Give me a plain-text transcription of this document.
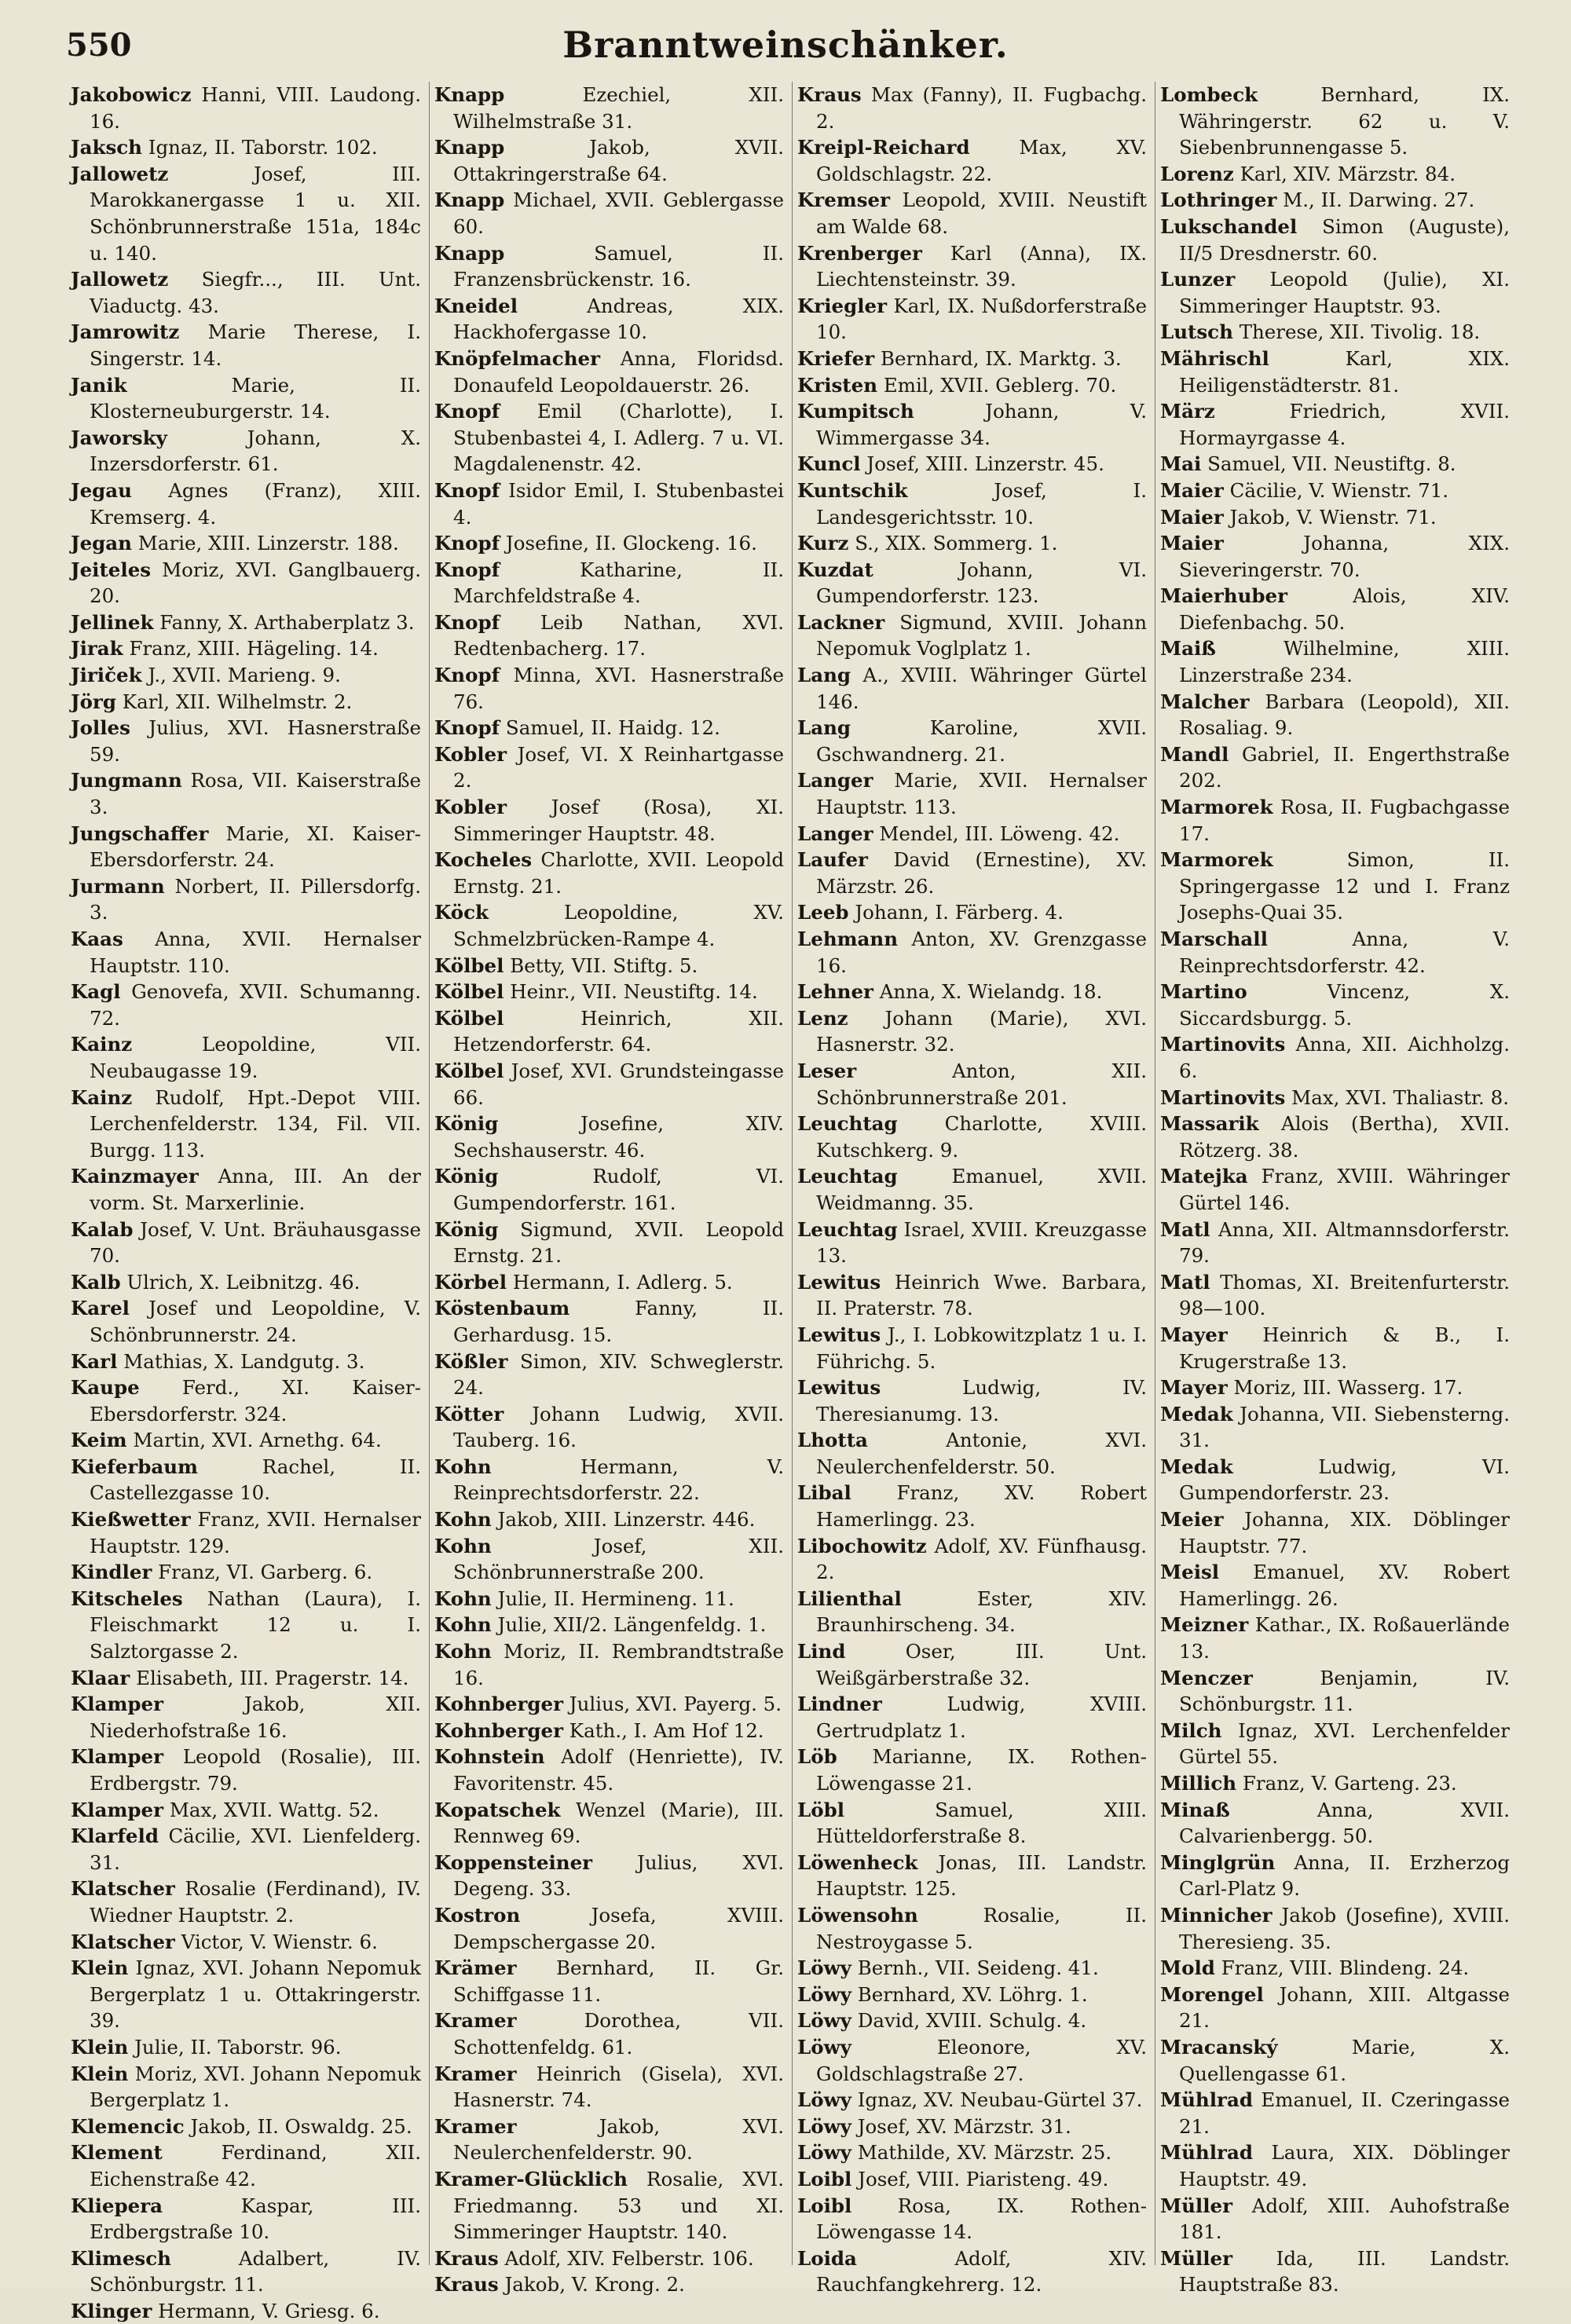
550	Branntweinschänker.

Jakobowicz Hanni, VIII. Laudong. 16.

Jaksch Ignaz, II. Taborstr. 102.

Jallowetz	Josef, III. Marokkanergasse 1 u. XII. Schönbrunnerstraße 151a, 184c u. 140.

Jallowetz Siegfr..., III. Unt. Viaductg. 43.

Jamrowitz Marie Therese, I. Singerstr. 14.

Janik	Marie, II. Klosterneuburgerstr. 14.

Jaworsky	Johann, X. Inzersdorferstr. 61.

Jegau Agnes (Franz), XIII. Kremserg. 4.

Jegan Marie, XIII. Linzerstr. 188.

Jeiteles Moriz, XVI. Ganglbauerg. 20.

Jellinek Fanny, X. Arthaberplatz 3.

Jirak Franz, XIII. Hägeling. 14.

Jiriček J., XVII. Marieng. 9.

Jörg Karl, XII. Wilhelmstr. 2.

Jolles Julius, XVI. Hasnerstraße 59.

Jungmann Rosa, VII. Kaiserstraße 3.

Jungschaffer Marie, XI. Kaiser-Ebersdorferstr. 24.

Jurmann Norbert, II. Pillersdorfg. 3.

Kaas Anna, XVII. Hernalser Hauptstr. 110.

Kagl Genovefa, XVII. Schumanng. 72.

Kainz	Leopoldine, VII. Neubaugasse 19.

Kainz Rudolf, Hpt.-Depot VIII. Lerchenfelderstr. 134, Fil. VII. Burgg. 113.

Kainzmayer Anna, III. An der vorm. St. Marxerlinie.

Kalab Josef, V. Unt. Bräuhausgasse 70.

Kalb Ulrich, X. Leibnitzg. 46.

Karel Josef und Leopoldine, V. Schönbrunnerstr. 24.

Karl Mathias, X. Landgutg. 3.

Kaupe Ferd., XI. Kaiser-Ebersdorferstr. 324.

Keim Martin, XVI. Arnethg. 64.

Kieferbaum	Rachel, II. Castellezgasse 10.

Kießwetter Franz, XVII. Hernalser Hauptstr. 129.

Kindler Franz, VI. Garberg. 6.

Kitscheles Nathan (Laura), I. Fleischmarkt 12 u. I. Salztorgasse 2.

Klaar Elisabeth, III. Pragerstr. 14.

Klamper	Jakob, XII. Niederhofstraße 16.

Klamper Leopold (Rosalie), III. Erdbergstr. 79.

Klamper Max, XVII. Wattg. 52.

Klarfeld Cäcilie, XVI. Lienfelderg. 31.

Klatscher Rosalie (Ferdinand), IV. Wiedner Hauptstr. 2.

Klatscher Victor, V. Wienstr. 6.

Klein Ignaz, XVI. Johann Nepomuk Bergerplatz 1 u. Ottakringerstr. 39.

Klein Julie, II. Taborstr. 96.

Klein Moriz, XVI. Johann Nepomuk Bergerplatz 1.

Klemencic Jakob, II. Oswaldg. 25.

Klement	Ferdinand, XII. Eichenstraße 42.

Kliepera	Kaspar, III. Erdbergstraße 10.

Klimesch	Adalbert, IV. Schönburgstr. 11.

Klinger Hermann, V. Griesg. 6.

Knapp	Ezechiel, XII. Wilhelmstraße 31.

Knapp	Jakob, XVII. Ottakringerstraße 64.

Knapp Michael, XVII. Geblergasse 60.

Knapp	Samuel, II. Franzensbrückenstr. 16.

Kneidel	Andreas, XIX. Hackhofergasse 10.

Knöpfelmacher Anna, Floridsd. Donaufeld Leopoldauerstr. 26.

Knopf Emil (Charlotte), I. Stubenbastei 4, I. Adlerg. 7 u. VI. Magdalenenstr. 42.

Knopf Isidor Emil, I. Stubenbastei 4.

Knopf Josefine, II. Glockeng. 16.

Knopf	Katharine, II. Marchfeldstraße 4.

Knopf Leib Nathan, XVI. Redtenbacherg. 17.

Knopf Minna, XVI. Hasnerstraße 76.

Knopf Samuel, II. Haidg. 12.

Kobler Josef, VI. X Reinhartgasse 2.

Kobler Josef (Rosa), XI. Simmeringer Hauptstr. 48.

Kocheles Charlotte, XVII. Leopold Ernstg. 21.

Köck	Leopoldine, XV. Schmelzbrücken-Rampe 4.

Kölbel Betty, VII. Stiftg. 5.

Kölbel Heinr., VII. Neustiftg. 14.

Kölbel	Heinrich, XII. Hetzendorferstr. 64.

Kölbel Josef, XVI. Grundsteingasse 66.

König	Josefine, XIV. Sechshauserstr. 46.

König	Rudolf, VI. Gumpendorferstr. 161.

König Sigmund, XVII. Leopold Ernstg. 21.

Körbel Hermann, I. Adlerg. 5.

Köstenbaum	Fanny, II. Gerhardusg. 15.

Kößler Simon, XIV. Schweglerstr. 24.

Kötter Johann Ludwig, XVII. Tauberg. 16.

Kohn	Hermann, V. Reinprechtsdorferstr. 22.

Kohn Jakob, XIII. Linzerstr. 446.

Kohn	Josef, XII. Schönbrunnerstraße 200.

Kohn Julie, II. Hermineng. 11.

Kohn Julie, XII/2. Längenfeldg. 1.

Kohn Moriz, II. Rembrandtstraße 16.

Kohnberger Julius, XVI. Payerg. 5.

Kohnberger Kath., I. Am Hof 12.

Kohnstein Adolf (Henriette), IV. Favoritenstr. 45.

Kopatschek Wenzel (Marie), III. Rennweg 69.

Koppensteiner Julius, XVI. Degeng. 33.

Kostron	Josefa, XVIII. Dempschergasse 20.

Krämer Bernhard, II. Gr. Schiffgasse 11.

Kramer	Dorothea, VII. Schottenfeldg. 61.

Kramer Heinrich (Gisela), XVI. Hasnerstr. 74.

Kramer	Jakob, XVI. Neulerchenfelderstr. 90.

Kramer-Glücklich Rosalie, XVI. Friedmanng. 53 und XI. Simmeringer Hauptstr. 140.

Kraus Adolf, XIV. Felberstr. 106.

Kraus Jakob, V. Krong. 2.

Kraus Max (Fanny), II. Fugbachg. 2.

Kreipl-Reichard	Max, XV. Goldschlagstr. 22.

Kremser Leopold, XVIII. Neustift am Walde 68.

Krenberger Karl (Anna), IX. Liechtensteinstr. 39.

Kriegler Karl, IX. Nußdorferstraße 10.

Kriefer Bernhard, IX. Marktg. 3.

Kristen Emil, XVII. Geblerg. 70.

Kumpitsch	Johann, V. Wimmergasse 34.

Kuncl Josef, XIII. Linzerstr. 45.

Kuntschik	Josef, I. Landesgerichtsstr. 10.

Kurz S., XIX. Sommerg. 1.

Kuzdat	Johann, VI. Gumpendorferstr. 123.

Lackner Sigmund, XVIII. Johann Nepomuk Voglplatz 1.

Lang A., XVIII. Währinger Gürtel 146.

Lang	Karoline, XVII. Gschwandnerg. 21.

Langer Marie, XVII. Hernalser Hauptstr. 113.

Langer Mendel, III. Löweng. 42.

Laufer David (Ernestine), XV. Märzstr. 26.

Leeb Johann, I. Färberg. 4.

Lehmann Anton, XV. Grenzgasse 16.

Lehner Anna, X. Wielandg. 18.

Lenz Johann (Marie), XVI. Hasnerstr. 32.

Leser	Anton, XII. Schönbrunnerstraße 201.

Leuchtag Charlotte, XVIII. Kutschkerg. 9.

Leuchtag	Emanuel, XVII. Weidmanng. 35.

Leuchtag Israel, XVIII. Kreuzgasse 13.

Lewitus Heinrich Wwe. Barbara, II. Praterstr. 78.

Lewitus J., I. Lobkowitzplatz 1 u. I. Führichg. 5.

Lewitus	Ludwig, IV. Theresianumg. 13.

Lhotta	Antonie, XVI. Neulerchenfelderstr. 50.

Libal Franz, XV. Robert Hamerlingg. 23.

Libochowitz Adolf, XV. Fünfhausg. 2.

Lilienthal	Ester, XIV. Braunhirscheng. 34.

Lind	Oser, III. Unt. Weißgärberstraße 32.

Lindner	Ludwig, XVIII. Gertrudplatz 1.

Löb Marianne, IX. Rothen-Löwengasse 21.

Löbl	Samuel, XIII. Hütteldorferstraße 8.

Löwenheck Jonas, III. Landstr. Hauptstr. 125.

Löwensohn	Rosalie, II. Nestroygasse 5.

Löwy Bernh., VII. Seideng. 41.

Löwy Bernhard, XV. Löhrg. 1.

Löwy David, XVIII. Schulg. 4.

Löwy	Eleonore, XV. Goldschlagstraße 27.

Löwy Ignaz, XV. Neubau-Gürtel 37.

Löwy Josef, XV. Märzstr. 31.

Löwy Mathilde, XV. Märzstr. 25.

Loibl Josef, VIII. Piaristeng. 49.

Loibl Rosa, IX. Rothen-Löwengasse 14.

Loida	Adolf, XIV. Rauchfangkehrerg. 12.

Lombeck	Bernhard, IX. Währingerstr. 62 u. V. Siebenbrunnengasse 5.

Lorenz Karl, XIV. Märzstr. 84.

Lothringer M., II. Darwing. 27.

Lukschandel Simon (Auguste), II/5 Dresdnerstr. 60.

Lunzer Leopold (Julie), XI. Simmeringer Hauptstr. 93.

Lutsch Therese, XII. Tivolig. 18.

Mährischl	Karl, XIX. Heiligenstädterstr. 81.

März	Friedrich, XVII. Hormayrgasse 4.

Mai Samuel, VII. Neustiftg. 8.

Maier Cäcilie, V. Wienstr. 71.

Maier Jakob, V. Wienstr. 71.

Maier	Johanna, XIX. Sieveringerstr. 70.

Maierhuber	Alois, XIV. Diefenbachg. 50.

Maiß	Wilhelmine, XIII. Linzerstraße 234.

Malcher Barbara (Leopold), XII. Rosaliag. 9.

Mandl Gabriel, II. Engerthstraße 202.

Marmorek Rosa, II. Fugbachgasse 17.

Marmorek	Simon, II. Springergasse 12 und I. Franz Josephs-Quai 35.

Marschall	Anna, V. Reinprechtsdorferstr. 42.

Martino	Vincenz, X. Siccardsburgg. 5.

Martinovits Anna, XII. Aichholzg. 6.

Martinovits Max, XVI. Thaliastr. 8.

Massarik Alois (Bertha), XVII. Rötzerg. 38.

Matejka Franz, XVIII. Währinger Gürtel 146.

Matl Anna, XII. Altmannsdorferstr. 79.

Matl Thomas, XI. Breitenfurterstr. 98—100.

Mayer Heinrich & B., I. Krugerstraße 13.

Mayer Moriz, III. Wasserg. 17.

Medak Johanna, VII. Siebensterng. 31.

Medak	Ludwig, VI. Gumpendorferstr. 23.

Meier Johanna, XIX. Döblinger Hauptstr. 77.

Meisl Emanuel, XV. Robert Hamerlingg. 26.

Meizner Kathar., IX. Roßauerlände 13.

Menczer	Benjamin, IV. Schönburgstr. 11.

Milch Ignaz, XVI. Lerchenfelder Gürtel 55.

Millich Franz, V. Garteng. 23.

Minaß	Anna, XVII. Calvarienbergg. 50.

Minglgrün Anna, II. Erzherzog Carl-Platz 9.

Minnicher Jakob (Josefine), XVIII. Theresieng. 35.

Mold Franz, VIII. Blindeng. 24.

Morengel Johann, XIII. Altgasse 21.

Mracanský	Marie, X. Quellengasse 61.

Mühlrad Emanuel, II. Czeringasse 21.

Mühlrad Laura, XIX. Döblinger Hauptstr. 49.

Müller Adolf, XIII. Auhofstraße 181.

Müller Ida, III. Landstr. Hauptstraße 83.
